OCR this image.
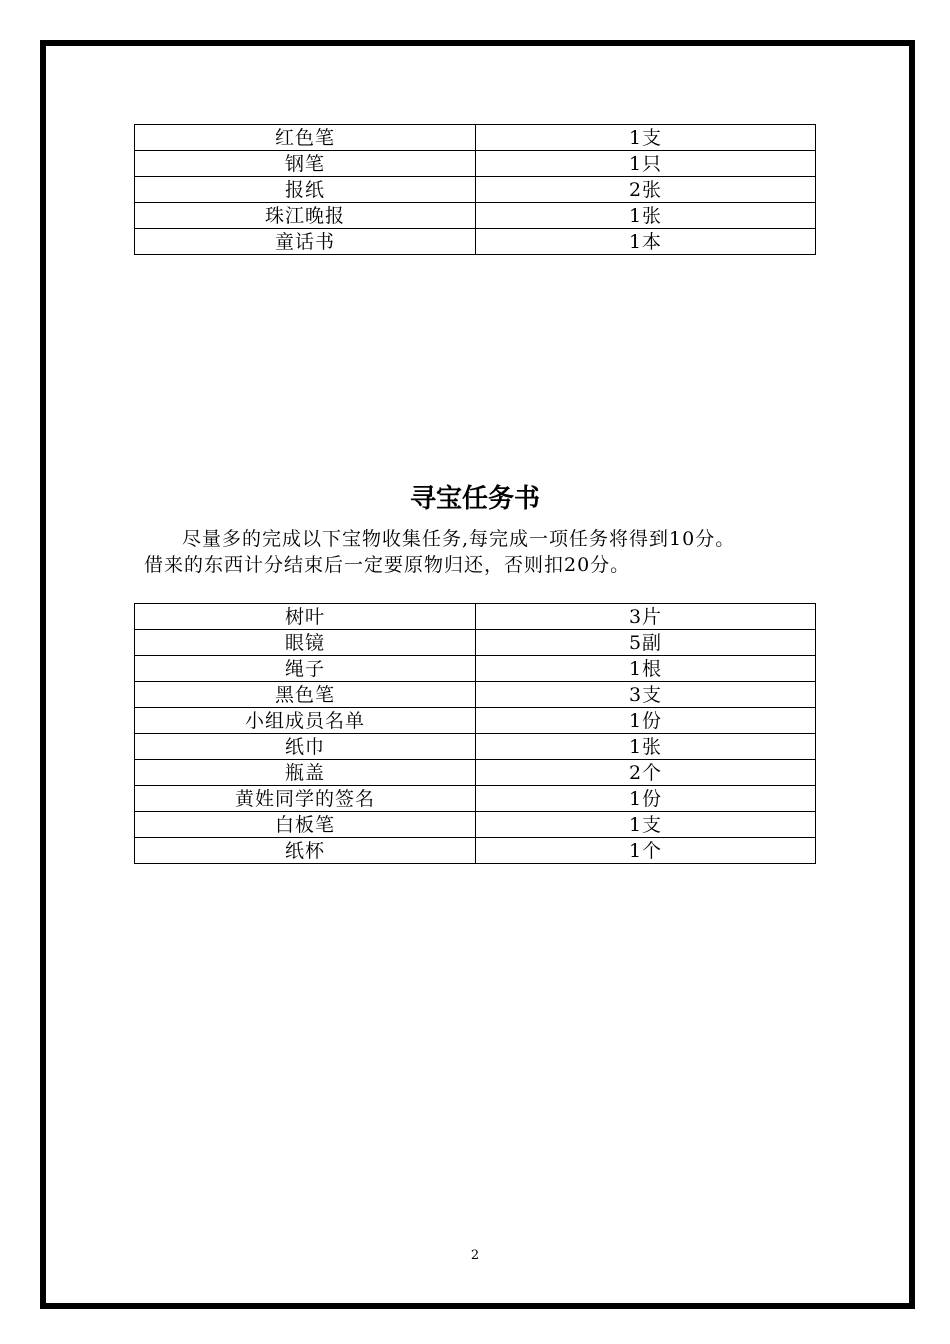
红色笔	1支
钢笔	1只
报纸	2张
珠江晚报	1张
童话书	1本
寻宝任务书
尽量多的完成以下宝物收集任务,每完成一项任务将得到10分。
借来的东西计分结束后一定要原物归还，否则扣20分。
树叶	3片
眼镜	5副
绳子	1根
黑色笔	3支
小组成员名单	1份
纸巾	1张
瓶盖	2个
黄姓同学的签名	1份
白板笔	1支
纸杯	1个
2
